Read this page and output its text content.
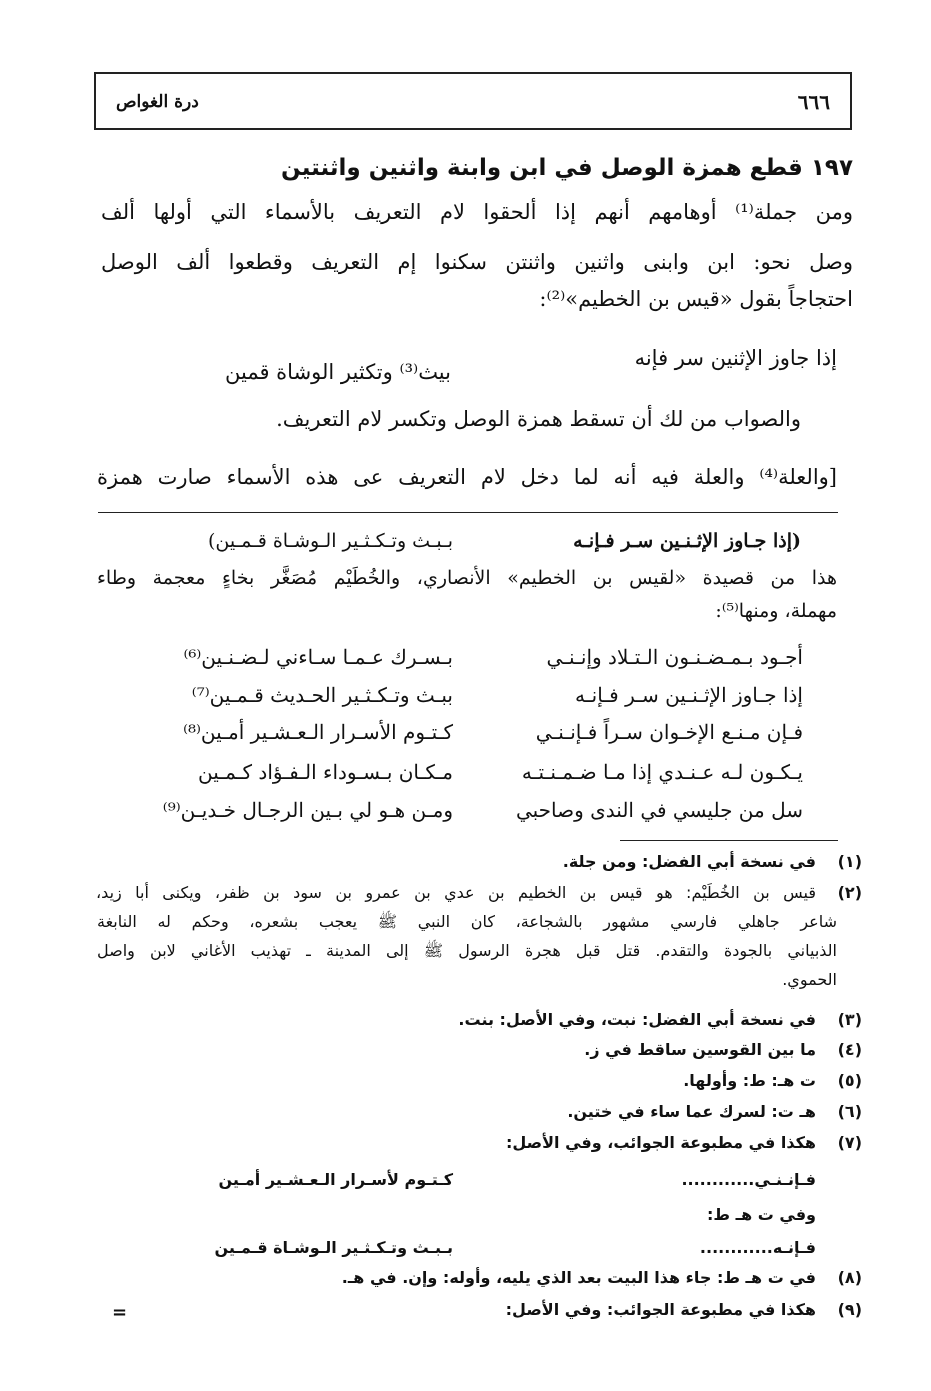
٦٦٦
درة الغواص
١٩٧ قطع همزة الوصل في ابن وابنة واثنين واثنتين
ومن جملة⁽¹⁾ أوهامهم أنهم إذا ألحقوا لام التعريف بالأسماء التي أولها ألف
وصل نحو: ابن وابنى واثنين واثنتن سكنوا إم التعريف وقطعوا ألف الوصل
احتجاجاً بقول «قيس بن الخطيم»⁽²⁾:
إذا جاوز الإثنين سر فإنه
بيث⁽³⁾ وتكثير الوشاة قمين
والصواب من لك أن تسقط همزة الوصل وتكسر لام التعريف.
[والعلة⁽⁴⁾ والعلة فيه أنه لما دخل لام التعريف عى هذه الأسماء صارت همزة
(إذا جـاوز الإثـنـين سـر فـإنـه
بـبـث وتـكـثـير الـوشـاة قـمـين)
هذا من قصيدة «لقيس بن الخطيم» الأنصاري، والخُطَيْم مُصَغَّر بخاءٍ معجمة وطاء
مهملة، ومنها⁽⁵⁾:
أجـود بـمـضـنـون الـتـلاد وإنـنـي
بـسـرك عـمـا سـاءني لـضـنـين⁽⁶⁾
إذا جـاوز الإثـنـين سـر فـإنـه
ببـث وتـكـثـير الحـديث قـمـين⁽⁷⁾
فـإن مـنـع الإخـوان سـراً فـإنـنـي
كـتـوم الأسـرار الـعـشـير أمـين⁽⁸⁾
يـكـون لـه عـنـدي إذا مـا ضـمـنـتـه
مـكـان بـسـوداء الـفـؤاد كـمـين
سل من جليسي في الندى وصاحبي
ومـن هـو لي بـين الرجـال خـديـن⁽⁹⁾
(١)
في نسخة أبي الفضل: ومن جلة.
(٢)
قيس بن الخُطَيْم: هو قيس بن الخطيم بن عدي بن عمرو بن سود بن ظفر، ويكنى أبا زيد،
شاعر جاهلي فارسي مشهور بالشجاعة، كان النبي ﷺ يعجب بشعره، وحكم له النابغة
الذبياني بالجودة والتقدم. قتل قبل هجرة الرسول ﷺ إلى المدينة ـ تهذيب الأغاني لابن واصل
الحموي.
(٣)
في نسخة أبي الفضل: نبت، وفي الأصل: بنت.
(٤)
ما بين القوسين ساقط في ز.
(٥)
ت هـ: ط: وأولها.
(٦)
هـ ت: لسرك عما ساء في ختين.
(٧)
هكذا في مطبوعة الجوائب، وفي الأصل:
فـإنـنـي............
كـتـوم لأسـرار الـعـشـير أمـين
وفي ت هـ ط:
فـإنـه............
بـبـث وتـكـثـير الـوشـاة قـمـين
(٨)
في ت هـ ط: جاء هذا البيت بعد الذي يليه، وأوله: وإن. في هـ.
(٩)
هكذا في مطبوعة الجوائب: وفي الأصل:
=
